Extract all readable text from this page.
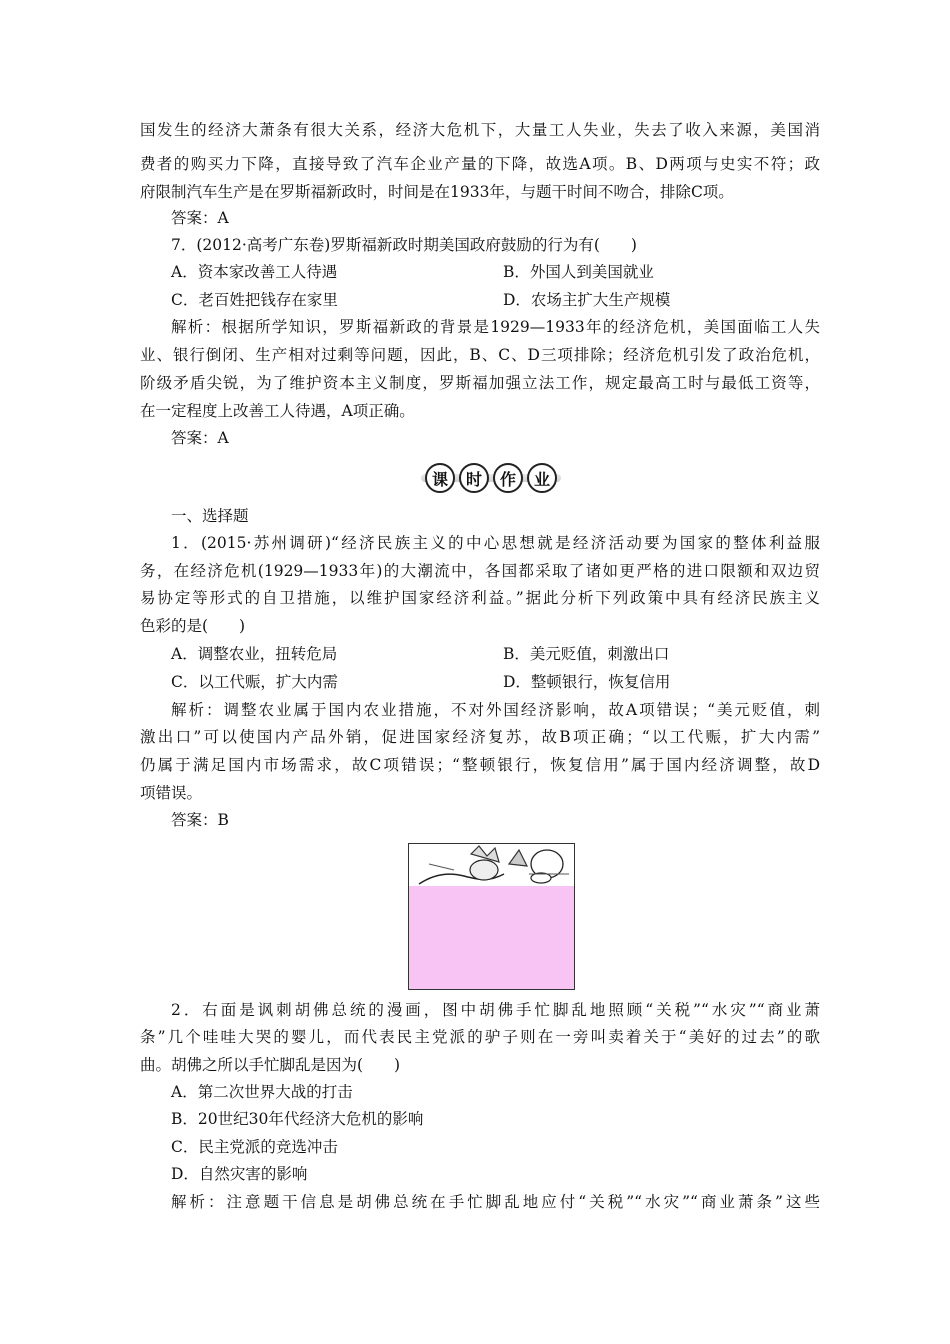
国发生的经济大萧条有很大关系，经济大危机下，大量工人失业，失去了收入来源，美国消
费者的购买力下降，直接导致了汽车企业产量的下降，故选A项。B、D两项与史实不符；政
府限制汽车生产是在罗斯福新政时，时间是在1933年，与题干时间不吻合，排除C项。
答案：A
7．(2012·高考广东卷)罗斯福新政时期美国政府鼓励的行为有(　　)
A．资本家改善工人待遇	B．外国人到美国就业
C．老百姓把钱存在家里	D．农场主扩大生产规模
解析：根据所学知识，罗斯福新政的背景是1929—1933年的经济危机，美国面临工人失
业、银行倒闭、生产相对过剩等问题，因此，B、C、D三项排除；经济危机引发了政治危机，
阶级矛盾尖锐，为了维护资本主义制度，罗斯福加强立法工作，规定最高工时与最低工资等，
在一定程度上改善工人待遇，A项正确。
答案：A
课	时	作	业
一、选择题
1．(2015·苏州调研)“经济民族主义的中心思想就是经济活动要为国家的整体利益服
务，在经济危机(1929—1933年)的大潮流中，各国都采取了诸如更严格的进口限额和双边贸
易协定等形式的自卫措施，以维护国家经济利益。”据此分析下列政策中具有经济民族主义
色彩的是(　　)
A．调整农业，扭转危局	B．美元贬值，刺激出口
C．以工代赈，扩大内需	D．整顿银行，恢复信用
解析：调整农业属于国内农业措施，不对外国经济影响，故A项错误；“美元贬值，刺
激出口”可以使国内产品外销，促进国家经济复苏，故B项正确；“以工代赈，扩大内需”
仍属于满足国内市场需求，故C项错误；“整顿银行，恢复信用”属于国内经济调整，故D
项错误。
答案：B
2．右面是讽刺胡佛总统的漫画，图中胡佛手忙脚乱地照顾“关税”“水灾”“商业萧
条”几个哇哇大哭的婴儿，而代表民主党派的驴子则在一旁叫卖着关于“美好的过去”的歌
曲。胡佛之所以手忙脚乱是因为(　　)
A．第二次世界大战的打击
B．20世纪30年代经济大危机的影响
C．民主党派的竞选冲击
D．自然灾害的影响
解析：注意题干信息是胡佛总统在手忙脚乱地应付“关税”“水灾”“商业萧条”这些
